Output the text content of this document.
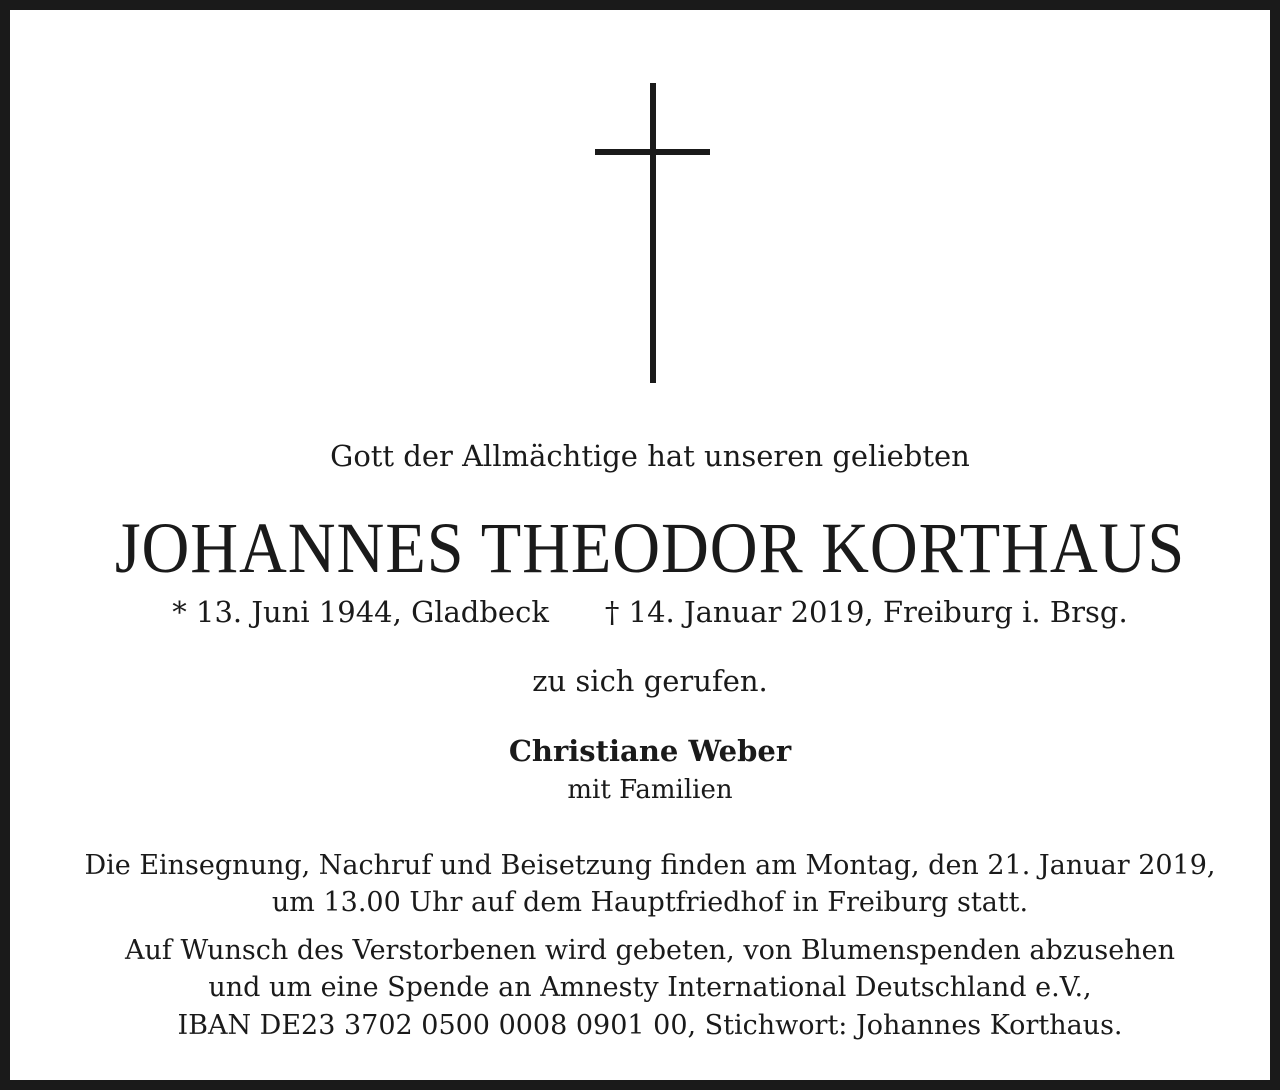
Gott der Allmächtige hat unseren geliebten
JOHANNES THEODOR KORTHAUS
* 13. Juni 1944, Gladbeck † 14. Januar 2019, Freiburg i. Brsg.
zu sich gerufen.
Christiane Weber
mit Familien
Die Einsegnung, Nachruf und Beisetzung finden am Montag, den 21. Januar 2019,
um 13.00 Uhr auf dem Hauptfriedhof in Freiburg statt.
Auf Wunsch des Verstorbenen wird gebeten, von Blumenspenden abzusehen
und um eine Spende an Amnesty International Deutschland e.V.,
IBAN DE23 3702 0500 0008 0901 00, Stichwort: Johannes Korthaus.
